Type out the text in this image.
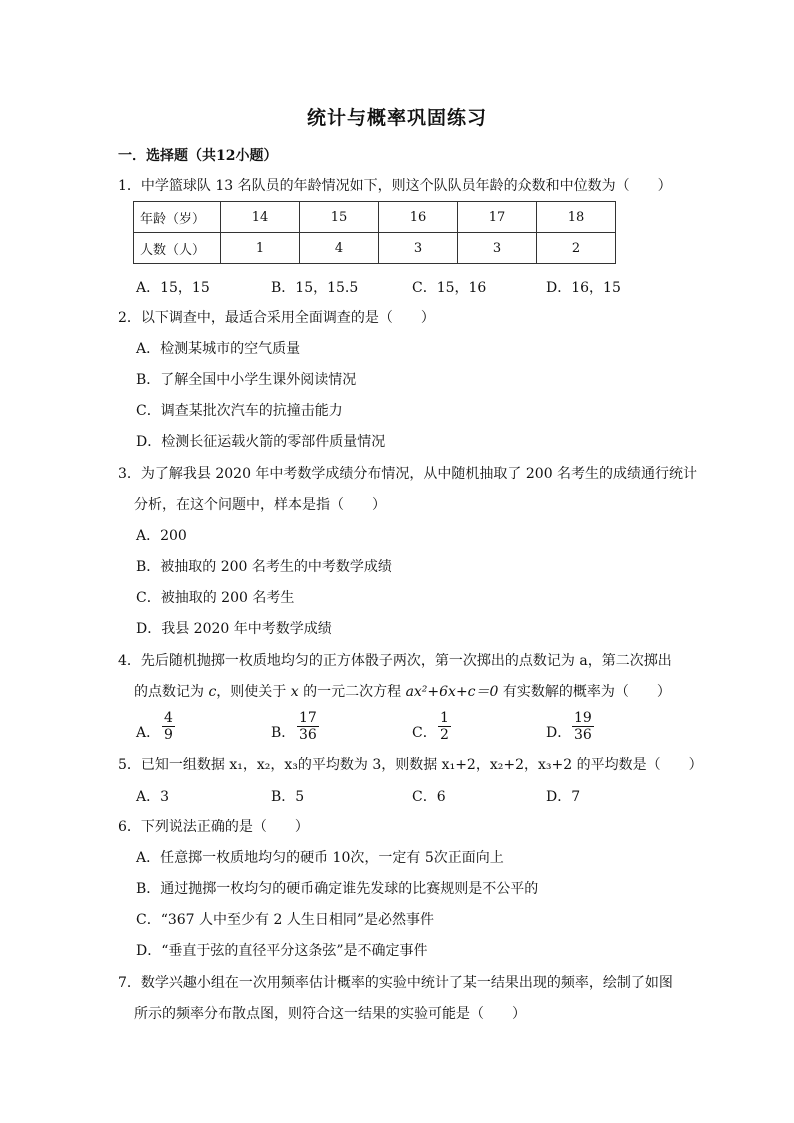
统计与概率巩固练习
一．选择题（共12小题）
1．中学篮球队 13 名队员的年龄情况如下，则这个队队员年龄的众数和中位数为（　　）
年龄（岁）	14	15	16	17	18
人数（人）	1	4	3	3	2
A．15，15	B．15，15.5	C．15，16	D．16，15
2．以下调查中，最适合采用全面调查的是（　　）
A．检测某城市的空气质量
B．了解全国中小学生课外阅读情况
C．调查某批次汽车的抗撞击能力
D．检测长征运载火箭的零部件质量情况
3．为了解我县 2020 年中考数学成绩分布情况，从中随机抽取了 200 名考生的成绩通行统计
分析，在这个问题中，样本是指（　　）
A．200
B．被抽取的 200 名考生的中考数学成绩
C．被抽取的 200 名考生
D．我县 2020 年中考数学成绩
4．先后随机抛掷一枚质地均匀的正方体骰子两次，第一次掷出的点数记为 a，第二次掷出
的点数记为 c，则使关于 x 的一元二次方程 ax²+6x+c＝0 有实数解的概率为（　　）
A． $\frac{4}{9}$	B． $\frac{17}{36}$	C． $\frac{1}{2}$	D． $\frac{19}{36}$
5．已知一组数据 x₁，x₂，x₃的平均数为 3，则数据 x₁+2，x₂+2，x₃+2 的平均数是（　　）
A．3	B．5	C．6	D．7
6．下列说法正确的是（　　）
A．任意掷一枚质地均匀的硬币 10次，一定有 5次正面向上
B．通过抛掷一枚均匀的硬币确定谁先发球的比赛规则是不公平的
C．“367 人中至少有 2 人生日相同”是必然事件
D．“垂直于弦的直径平分这条弦”是不确定事件
7．数学兴趣小组在一次用频率估计概率的实验中统计了某一结果出现的频率，绘制了如图
所示的频率分布散点图，则符合这一结果的实验可能是（　　）
